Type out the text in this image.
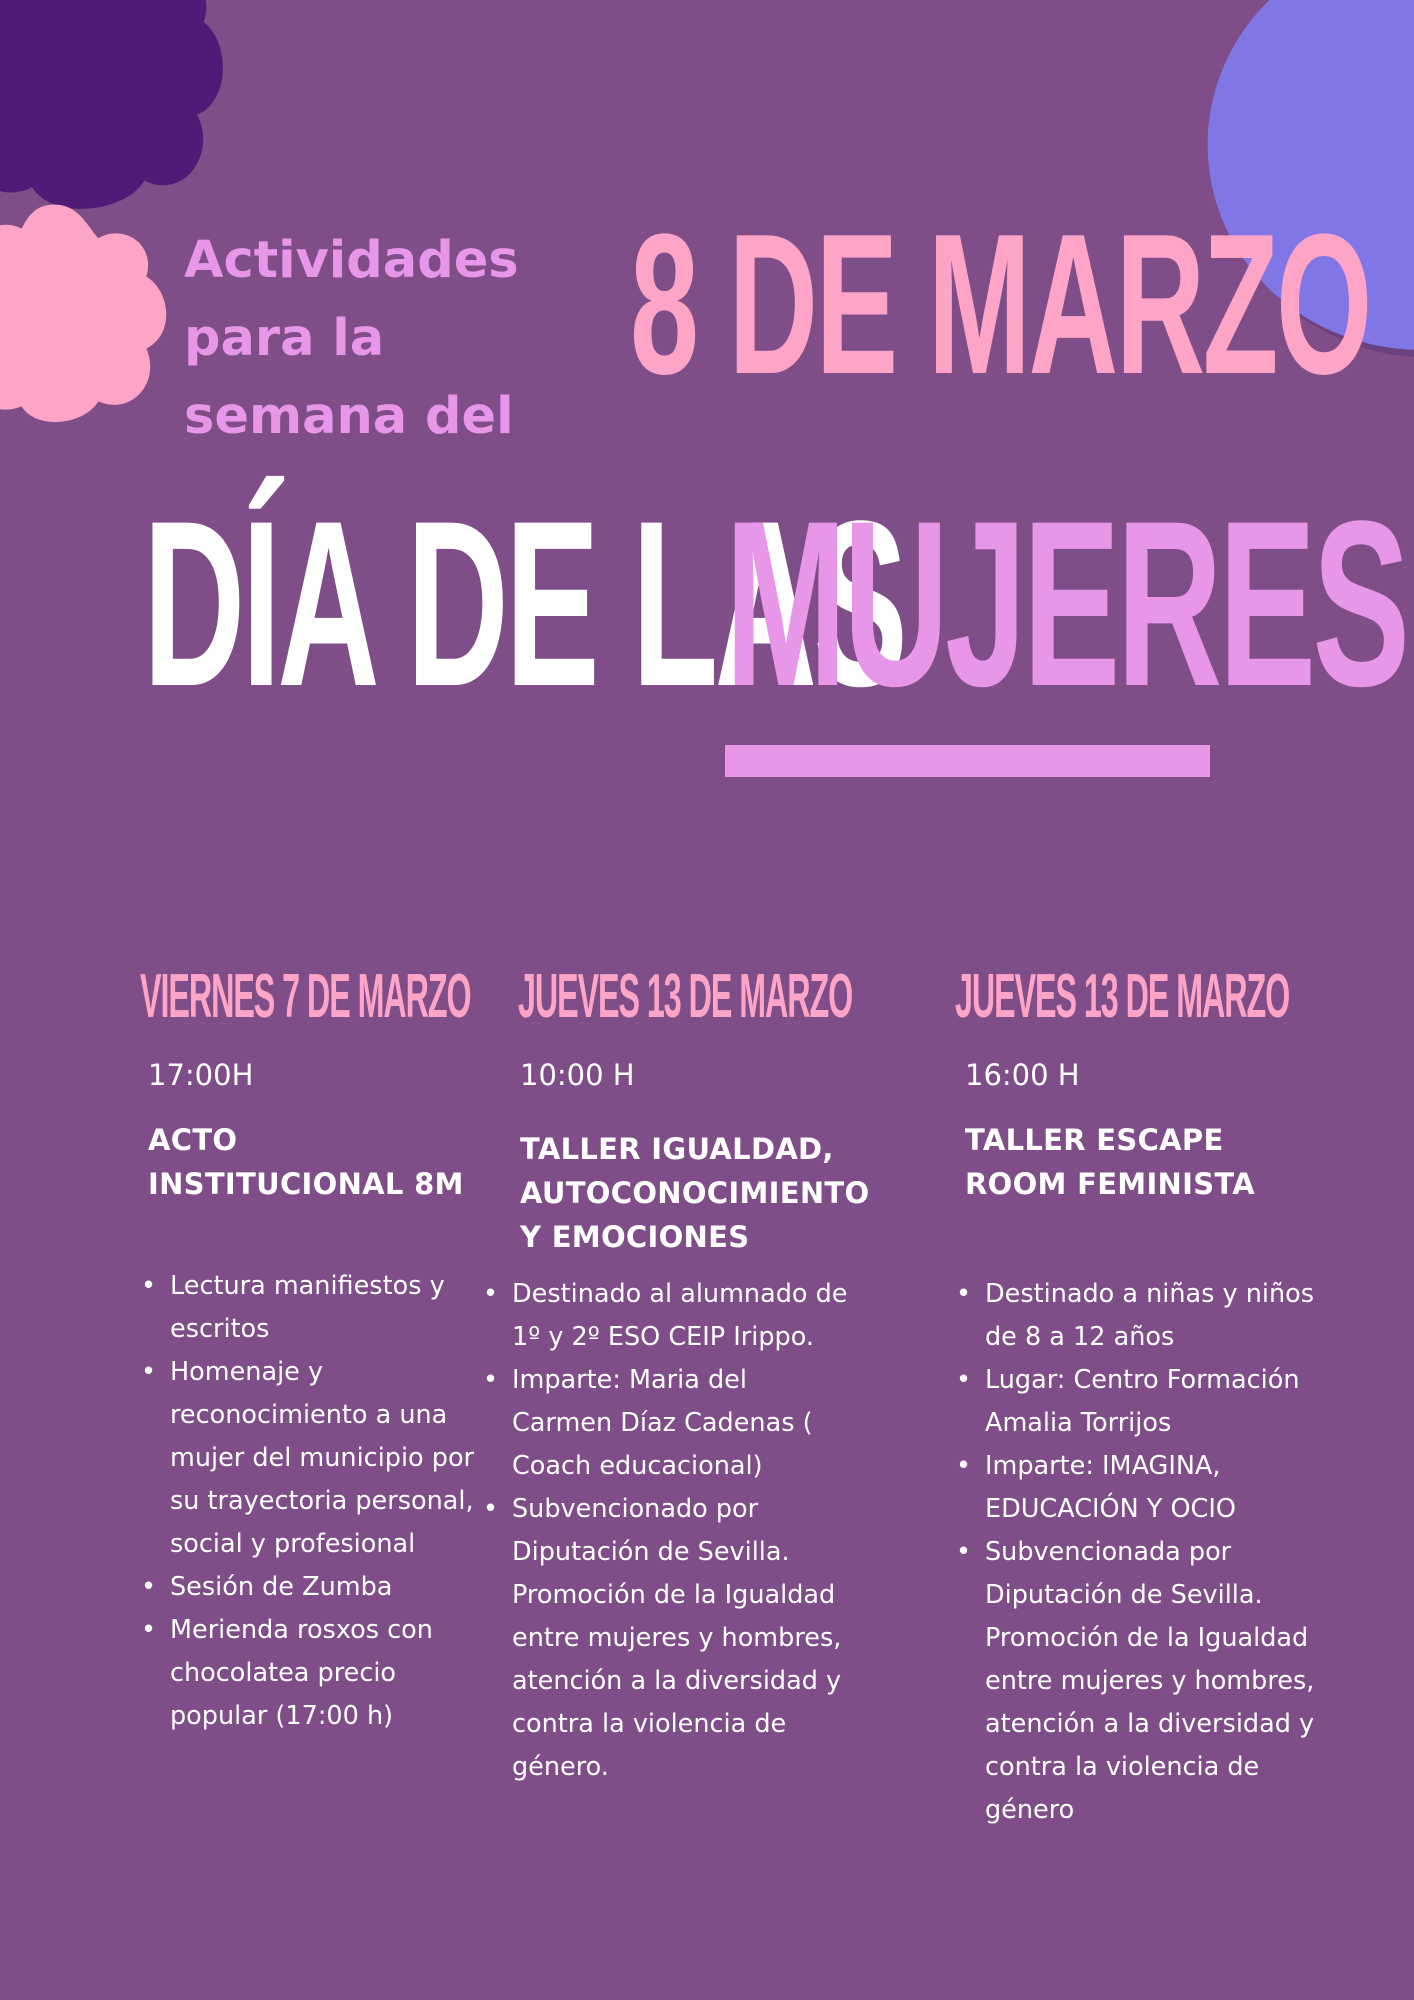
Actividades
para la
semana del

8 DE MARZO
DÍA DE LAS
MUJERES
VIERNES 7 DE MARZO

17:00H

ACTO
INSTITUCIONAL 8M
• Lectura manifiestos y escritos
• Homenaje y reconocimiento a una mujer del municipio por su trayectoria personal, social y profesional
• Sesión de Zumba
• Merienda rosxos con chocolatea precio popular (17:00 h)
JUEVES 13 DE MARZO

10:00 H

TALLER IGUALDAD,
AUTOCONOCIMIENTO
Y EMOCIONES
• Destinado al alumnado de 1º y 2º ESO CEIP Irippo.
• Imparte: Maria del Carmen Díaz Cadenas ( Coach educacional)
• Subvencionado por Diputación de Sevilla. Promoción de la Igualdad entre mujeres y hombres, atención a la diversidad y contra la violencia de género.
JUEVES 13 DE MARZO

16:00 H

TALLER ESCAPE
ROOM FEMINISTA
• Destinado a niñas y niños de 8 a 12 años
• Lugar: Centro Formación Amalia Torrijos
• Imparte: IMAGINA, EDUCACIÓN Y OCIO
• Subvencionada por Diputación de Sevilla. Promoción de la Igualdad entre mujeres y hombres, atención a la diversidad y contra la violencia de género
